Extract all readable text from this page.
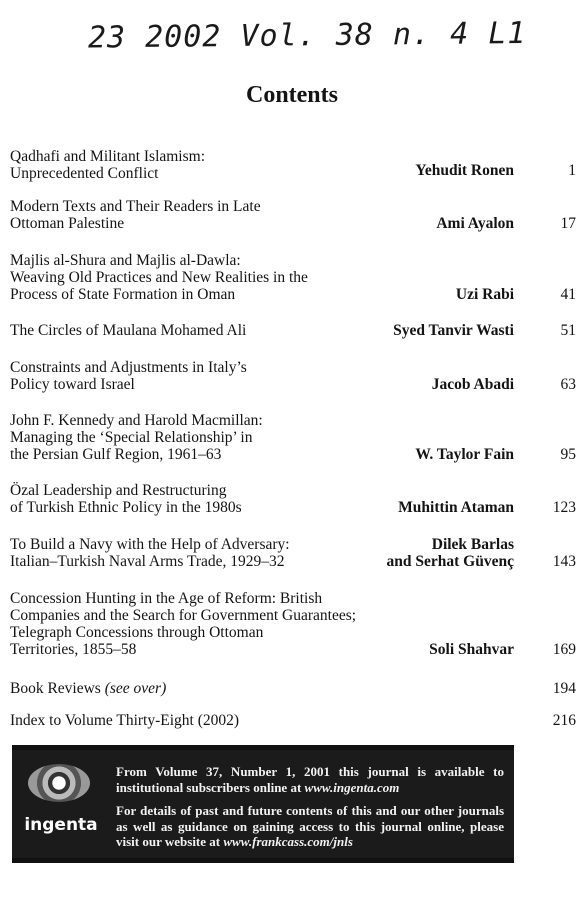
23 2002 Vol. 38 n. 4 L1
Contents
Qadhafi and Militant Islamism:
Unprecedented Conflict	Yehudit Ronen	1
Modern Texts and Their Readers in Late
Ottoman Palestine	Ami Ayalon	17
Majlis al-Shura and Majlis al-Dawla:
Weaving Old Practices and New Realities in the
Process of State Formation in Oman	Uzi Rabi	41
The Circles of Maulana Mohamed Ali	Syed Tanvir Wasti	51
Constraints and Adjustments in Italy’s
Policy toward Israel	Jacob Abadi	63
John F. Kennedy and Harold Macmillan:
Managing the ‘Special Relationship’ in
the Persian Gulf Region, 1961–63	W. Taylor Fain	95
Özal Leadership and Restructuring
of Turkish Ethnic Policy in the 1980s	Muhittin Ataman	123
To Build a Navy with the Help of Adversary:
Italian–Turkish Naval Arms Trade, 1929–32
Dilek Barlas
and Serhat Güvenç	143
Concession Hunting in the Age of Reform: British
Companies and the Search for Government Guarantees;
Telegraph Concessions through Ottoman
Territories, 1855–58	Soli Shahvar	169
Book Reviews (see over)	194
Index to Volume Thirty-Eight (2002)	216
ingenta

From Volume 37, Number 1, 2001 this journal is available to institutional subscribers online at www.ingenta.com

For details of past and future contents of this and our other journals as well as guidance on gaining access to this journal online, please visit our website at www.frankcass.com/jnls
